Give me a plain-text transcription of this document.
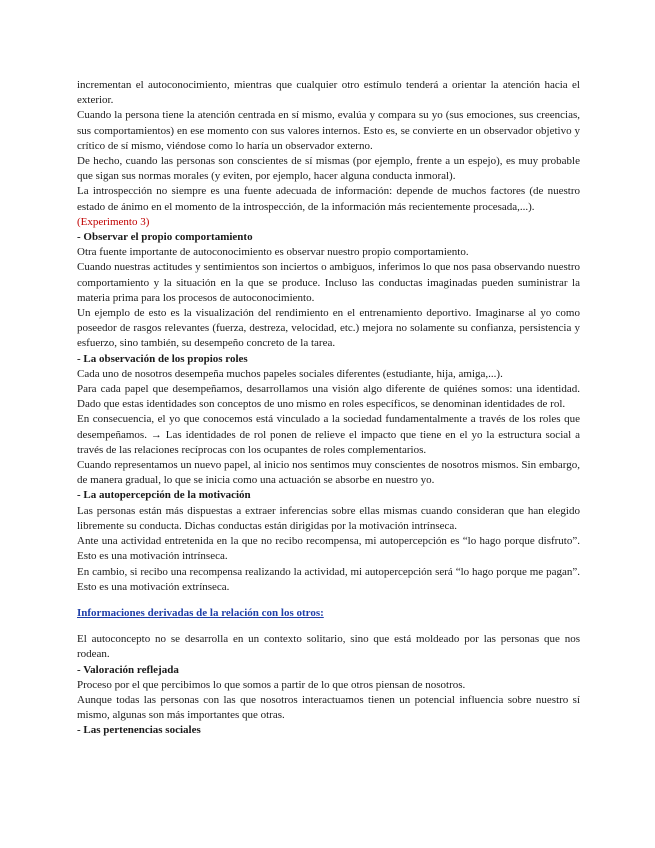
incrementan el autoconocimiento, mientras que cualquier otro estímulo tenderá a orientar la atención hacia el exterior.

Cuando la persona tiene la atención centrada en sí mismo, evalúa y compara su yo (sus emociones, sus creencias, sus comportamientos) en ese momento con sus valores internos. Esto es, se convierte en un observador objetivo y crítico de sí mismo, viéndose como lo haría un observador externo.

De hecho, cuando las personas son conscientes de sí mismas (por ejemplo, frente a un espejo), es muy probable que sigan sus normas morales (y eviten, por ejemplo, hacer alguna conducta inmoral).

La introspección no siempre es una fuente adecuada de información: depende de muchos factores (de nuestro estado de ánimo en el momento de la introspección, de la información más recientemente procesada,...).

(Experimento 3)

- Observar el propio comportamiento

Otra fuente importante de autoconocimiento es observar nuestro propio comportamiento.

Cuando nuestras actitudes y sentimientos son inciertos o ambiguos, inferimos lo que nos pasa observando nuestro comportamiento y la situación en la que se produce. Incluso las conductas imaginadas pueden suministrar la materia prima para los procesos de autoconocimiento.

Un ejemplo de esto es la visualización del rendimiento en el entrenamiento deportivo. Imaginarse al yo como poseedor de rasgos relevantes (fuerza, destreza, velocidad, etc.) mejora no solamente su confianza, persistencia y esfuerzo, sino también, su desempeño concreto de la tarea.

- La observación de los propios roles

Cada uno de nosotros desempeña muchos papeles sociales diferentes (estudiante, hija, amiga,...).

Para cada papel que desempeñamos, desarrollamos una visión algo diferente de quiénes somos: una identidad. Dado que estas identidades son conceptos de uno mismo en roles específicos, se denominan identidades de rol.

En consecuencia, el yo que conocemos está vinculado a la sociedad fundamentalmente a través de los roles que desempeñamos. → Las identidades de rol ponen de relieve el impacto que tiene en el yo la estructura social a través de las relaciones recíprocas con los ocupantes de roles complementarios.

Cuando representamos un nuevo papel, al inicio nos sentimos muy conscientes de nosotros mismos. Sin embargo, de manera gradual, lo que se inicia como una actuación se absorbe en nuestro yo.

- La autopercepción de la motivación

Las personas están más dispuestas a extraer inferencias sobre ellas mismas cuando consideran que han elegido libremente su conducta. Dichas conductas están dirigidas por la motivación intrínseca.

Ante una actividad entretenida en la que no recibo recompensa, mi autopercepción es “lo hago porque disfruto”. Esto es una motivación intrínseca.

En cambio, si recibo una recompensa realizando la actividad, mi autopercepción será “lo hago porque me pagan”. Esto es una motivación extrínseca.

Informaciones derivadas de la relación con los otros:

El autoconcepto no se desarrolla en un contexto solitario, sino que está moldeado por las personas que nos rodean.

- Valoración reflejada

Proceso por el que percibimos lo que somos a partir de lo que otros piensan de nosotros.

Aunque todas las personas con las que nosotros interactuamos tienen un potencial influencia sobre nuestro sí mismo, algunas son más importantes que otras.

- Las pertenencias sociales
